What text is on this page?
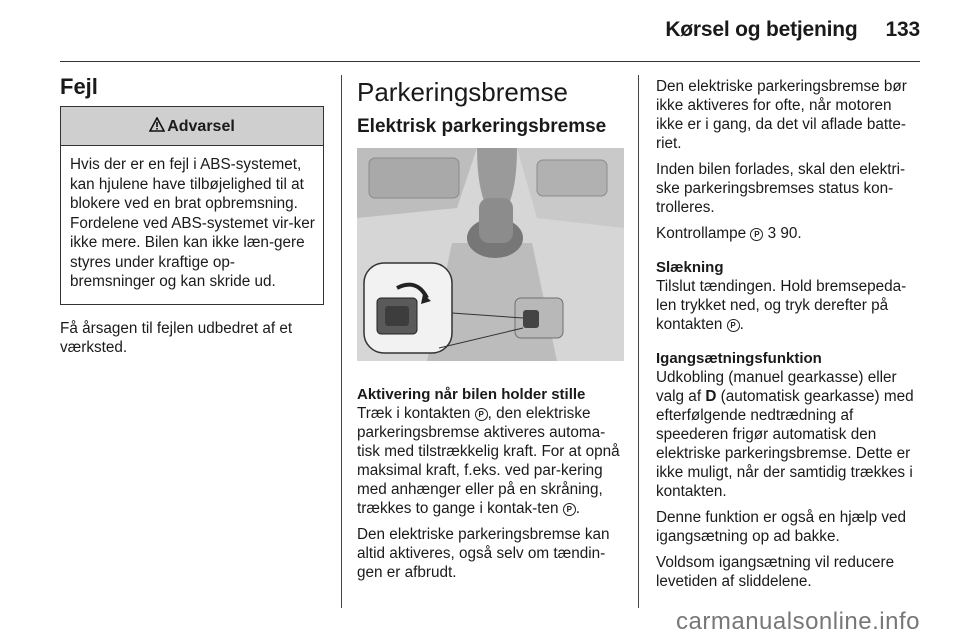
Kørsel og betjening 133
Fejl
Advarsel
Hvis der er en fejl i ABS-systemet, kan hjulene have tilbøjelighed til at blokere ved en brat opbremsning. Fordelene ved ABS-systemet vir-ker ikke mere. Bilen kan ikke læn-gere styres under kraftige op-bremsninger og kan skride ud.

Få årsagen til fejlen udbedret af et værksted.

Parkeringsbremse
Elektrisk parkeringsbremse
Aktivering når bilen holder stille

Træk i kontakten P , den elektriske parkeringsbremse aktiveres automa-tisk med tilstrækkelig kraft. For at opnå maksimal kraft, f.eks. ved par-kering med anhænger eller på en skråning, trækkes to gange i kontak-ten P .

Den elektriske parkeringsbremse kan altid aktiveres, også selv om tændin-gen er afbrudt.

Den elektriske parkeringsbremse bør ikke aktiveres for ofte, når motoren ikke er i gang, da det vil aflade batte-riet.

Inden bilen forlades, skal den elektri-ske parkeringsbremses status kon-trolleres.

Kontrollampe P 3 90.

Slækning

Tilslut tændingen. Hold bremsepeda-len trykket ned, og tryk derefter på kontakten P .

Igangsætningsfunktion

Udkobling (manuel gearkasse) eller valg af D (automatisk gearkasse) med efterfølgende nedtrædning af speederen frigør automatisk den elektriske parkeringsbremse. Dette er ikke muligt, når der samtidig trækkes i kontakten.

Denne funktion er også en hjælp ved igangsætning op ad bakke.

Voldsom igangsætning vil reducere levetiden af sliddelene.

carmanualsonline.info
